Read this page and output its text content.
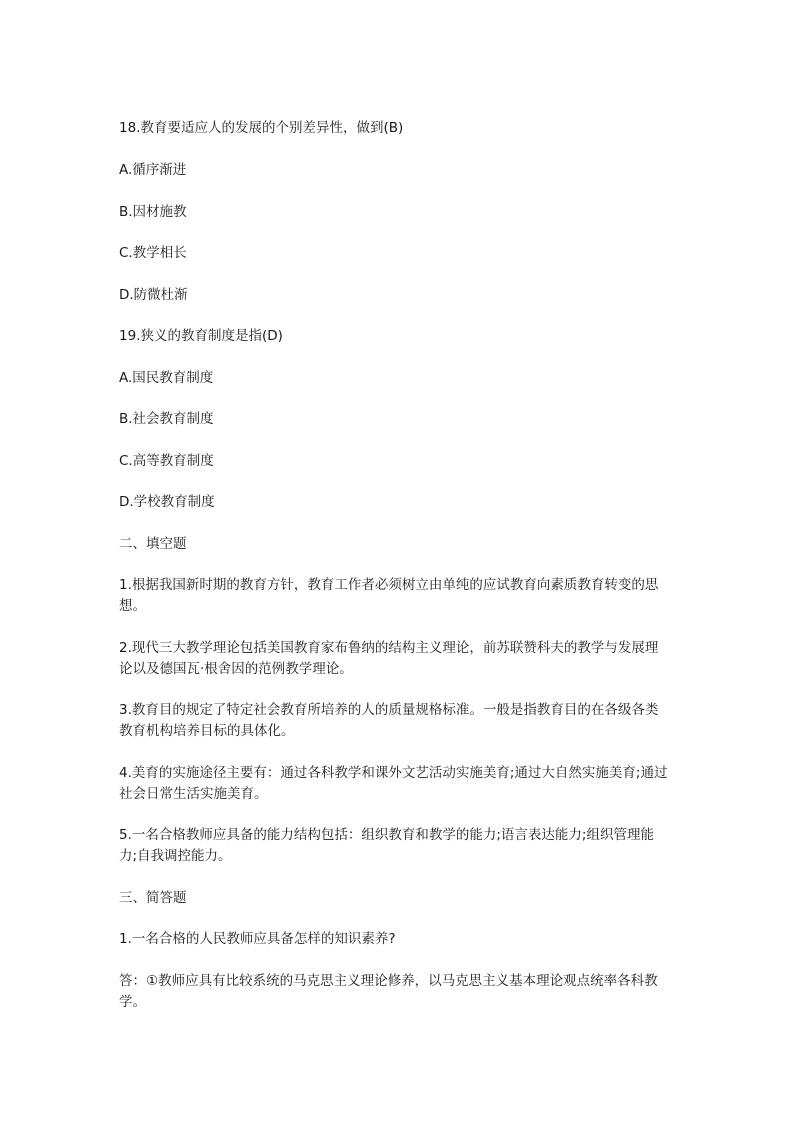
18.教育要适应人的发展的个别差异性，做到(B)
A.循序渐进
B.因材施教
C.教学相长
D.防微杜渐
19.狭义的教育制度是指(D)
A.国民教育制度
B.社会教育制度
C.高等教育制度
D.学校教育制度
二、填空题
1.根据我国新时期的教育方针，教育工作者必须树立由单纯的应试教育向素质教育转变的思想。
2.现代三大教学理论包括美国教育家布鲁纳的结构主义理论，前苏联赞科夫的教学与发展理论以及德国瓦·根舍因的范例教学理论。
3.教育目的规定了特定社会教育所培养的人的质量规格标准。一般是指教育目的在各级各类教育机构培养目标的具体化。
4.美育的实施途径主要有：通过各科教学和课外文艺活动实施美育;通过大自然实施美育;通过社会日常生活实施美育。
5.一名合格教师应具备的能力结构包括：组织教育和教学的能力;语言表达能力;组织管理能力;自我调控能力。
三、简答题
1.一名合格的人民教师应具备怎样的知识素养?
答：①教师应具有比较系统的马克思主义理论修养，以马克思主义基本理论观点统率各科教学。
